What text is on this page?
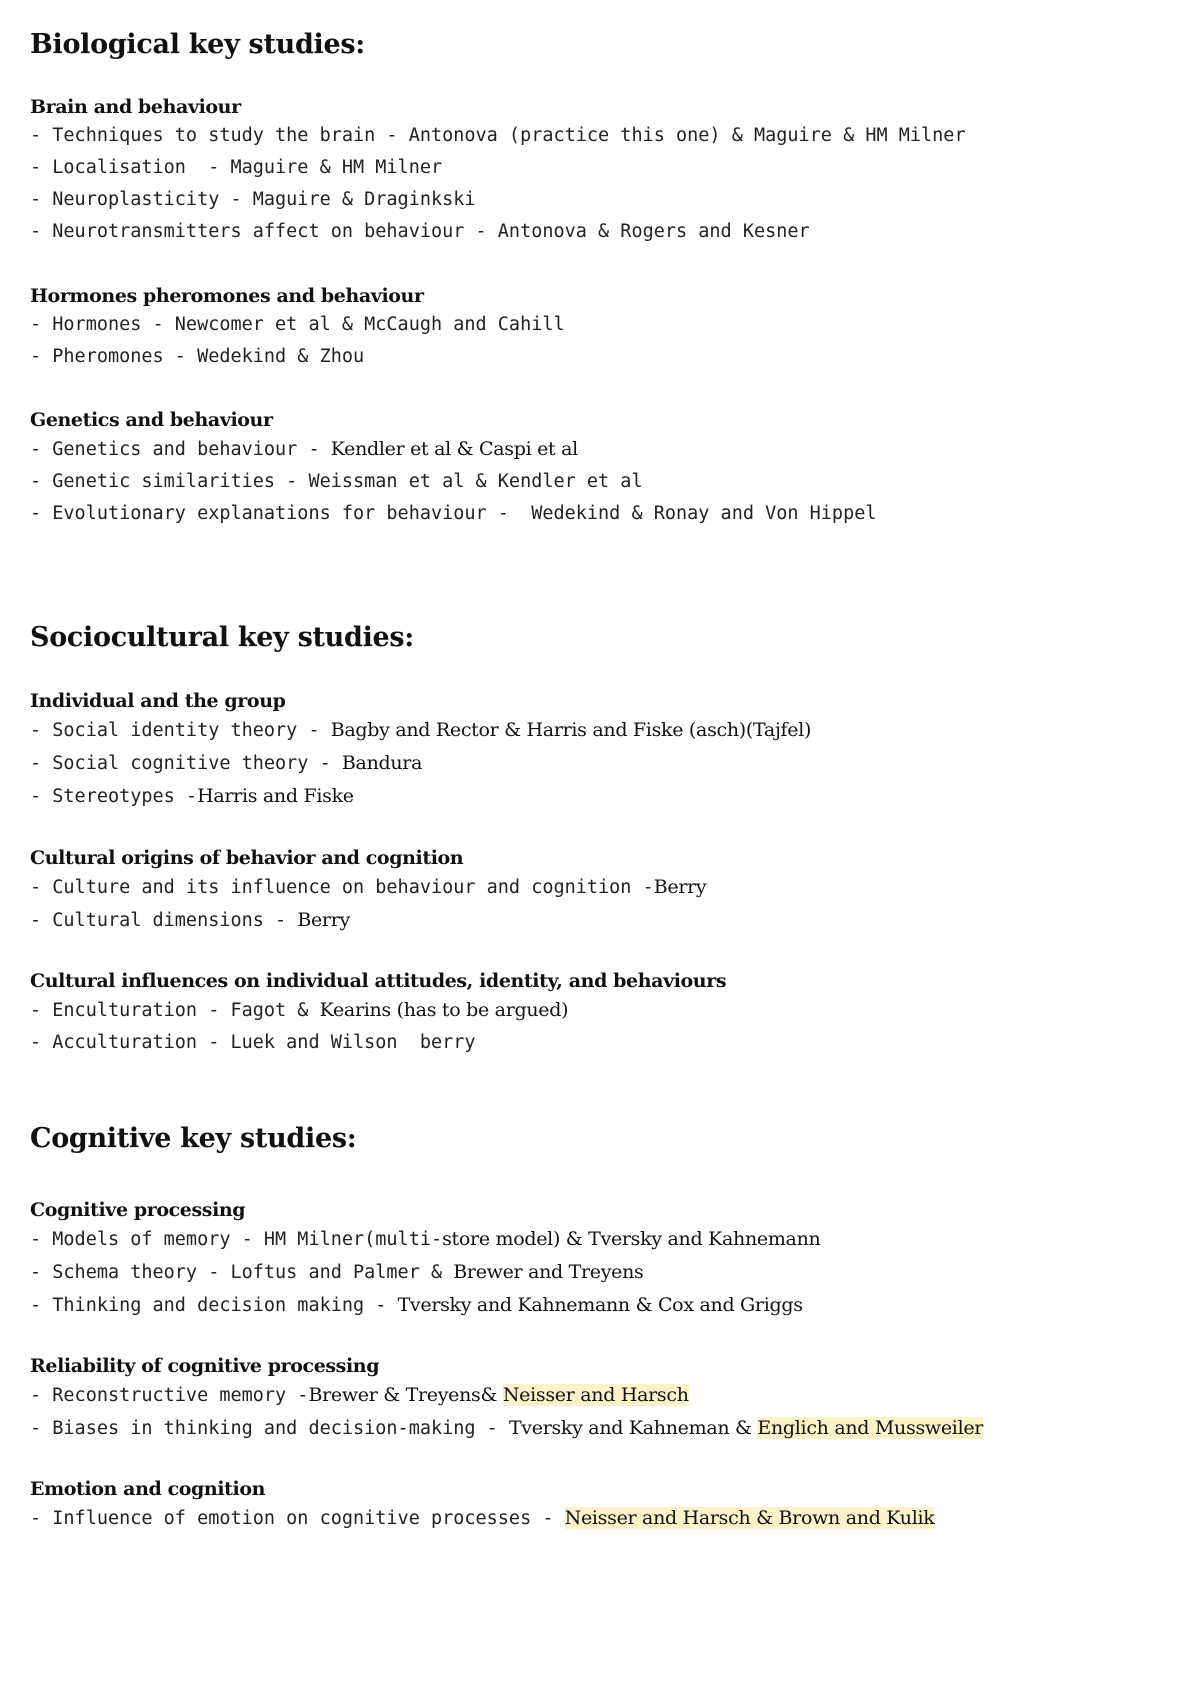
Biological key studies:
Brain and behaviour
- Techniques to study the brain - Antonova (practice this one) & Maguire & HM Milner
- Localisation  - Maguire & HM Milner
- Neuroplasticity - Maguire & Draginkski
- Neurotransmitters affect on behaviour - Antonova & Rogers and Kesner
Hormones pheromones and behaviour
- Hormones - Newcomer et al & McCaugh and Cahill
- Pheromones - Wedekind & Zhou
Genetics and behaviour
- Genetics and behaviour - Kendler et al & Caspi et al
- Genetic similarities - Weissman et al & Kendler et al
- Evolutionary explanations for behaviour -  Wedekind & Ronay and Von Hippel
Sociocultural key studies:
Individual and the group
- Social identity theory - Bagby and Rector & Harris and Fiske (asch)(Tajfel)
- Social cognitive theory - Bandura
- Stereotypes -Harris and Fiske
Cultural origins of behavior and cognition
- Culture and its influence on behaviour and cognition -Berry
- Cultural dimensions - Berry
Cultural influences on individual attitudes, identity, and behaviours
- Enculturation - Fagot & Kearins (has to be argued)
- Acculturation - Luek and Wilson  berry
Cognitive key studies:
Cognitive processing
- Models of memory - HM Milner(multi-store model) & Tversky and Kahnemann
- Schema theory - Loftus and Palmer & Brewer and Treyens
- Thinking and decision making - Tversky and Kahnemann & Cox and Griggs
Reliability of cognitive processing
- Reconstructive memory -Brewer & Treyens& Neisser and Harsch
- Biases in thinking and decision-making - Tversky and Kahneman & Englich and Mussweiler
Emotion and cognition
- Influence of emotion on cognitive processes - Neisser and Harsch & Brown and Kulik
